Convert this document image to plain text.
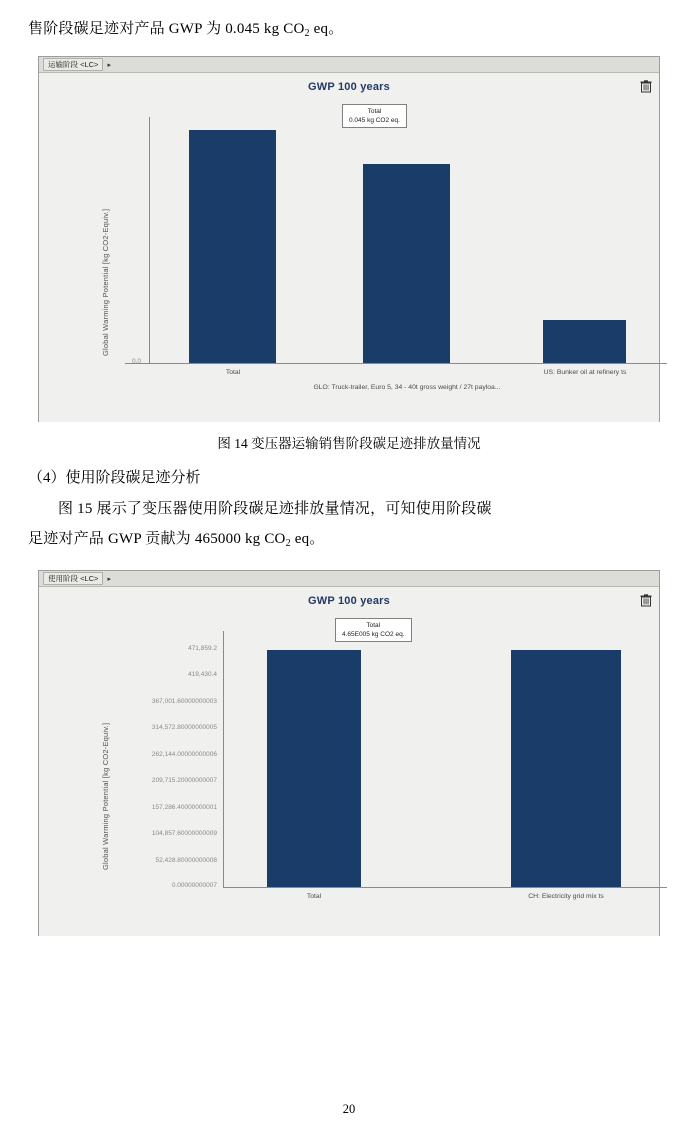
售阶段碳足迹对产品 GWP 为 0.045 kg $CO_2$ eq。

运输阶段 <LC>	▸
GWP 100 years
Total
0.045 kg CO2 eq.
Global Warming Potential [kg CO2-Equiv.]
0.0
Total
GLO: Truck-trailer, Euro 5, 34 - 40t gross weight / 27t payloa...
US: Bunker oil at refinery ts

图 14 变压器运输销售阶段碳足迹排放量情况

（4）使用阶段碳足迹分析

图 15 展示了变压器使用阶段碳足迹排放量情况，可知使用阶段碳

足迹对产品 GWP 贡献为 465000 kg $CO_2$ eq。

使用阶段 <LC>	▸
GWP 100 years
Total
4.65E005 kg CO2 eq.
Global Warming Potential [kg CO2-Equiv.]
471,859.2
419,430.4
367,001.60000000003
314,572.80000000005
262,144.00000000006
209,715.20000000007
157,286.40000000001
104,857.60000000009
52,428.80000000008
0.00000000007
Total	CH: Electricity grid mix ts

20
